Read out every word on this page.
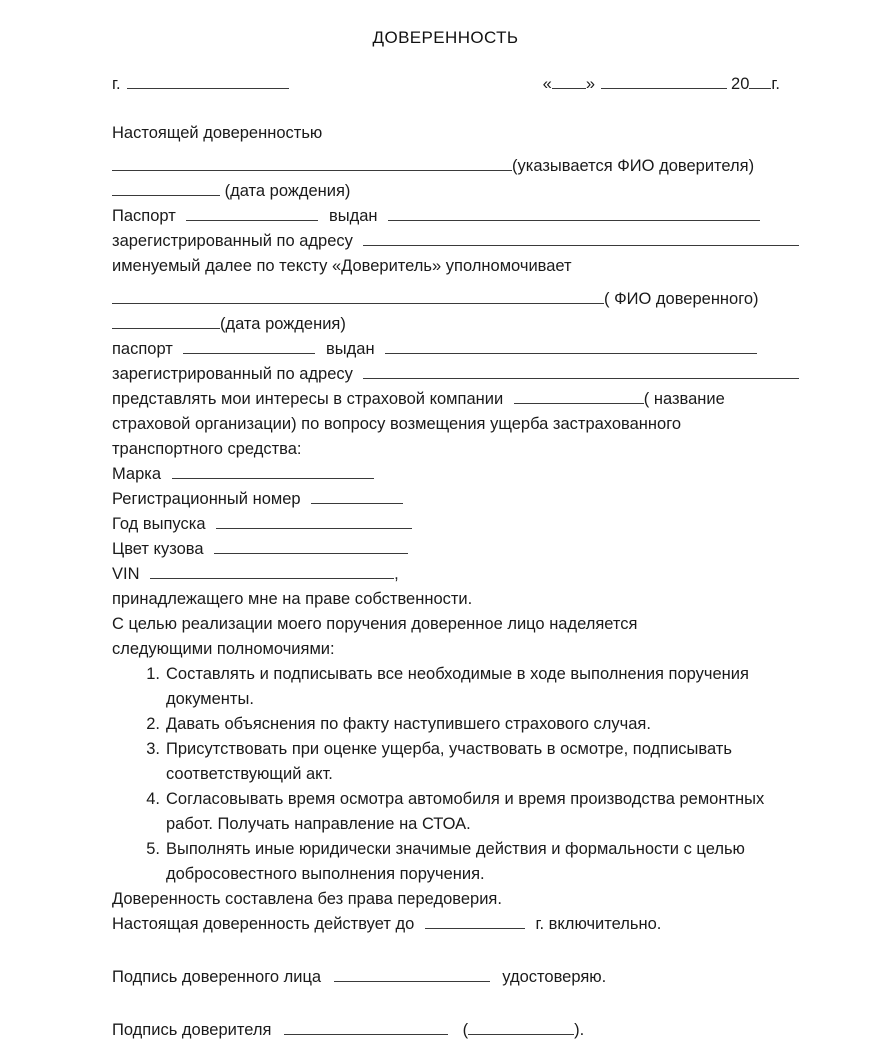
ДОВЕРЕННОСТЬ
г.	« »	20 г.
Настоящей доверенностью
(указывается ФИО доверителя)
(дата рождения)
Паспорт	выдан
зарегистрированный по адресу
именуемый далее по тексту «Доверитель» уполномочивает
( ФИО доверенного)
(дата рождения)
паспорт	выдан
зарегистрированный по адресу
представлять мои интересы в страховой компании	( название
страховой организации) по вопросу возмещения ущерба застрахованного
транспортного средства:
Марка
Регистрационный номер
Год выпуска
Цвет кузова
VIN	,
принадлежащего мне на праве собственности.
С целью реализации моего поручения доверенное лицо наделяется
следующими полномочиями:
1. Составлять и подписывать все необходимые в ходе выполнения поручения документы.
2. Давать объяснения по факту наступившего страхового случая.
3. Присутствовать при оценке ущерба, участвовать в осмотре, подписывать соответствующий акт.
4. Согласовывать время осмотра автомобиля и время производства ремонтных работ. Получать направление на СТОА.
5. Выполнять иные юридически значимые действия и формальности с целью добросовестного выполнения поручения.
Доверенность составлена без права передоверия.
Настоящая доверенность действует до	г. включительно.
Подпись доверенного лица	удостоверяю.
Подпись доверителя	(	).
